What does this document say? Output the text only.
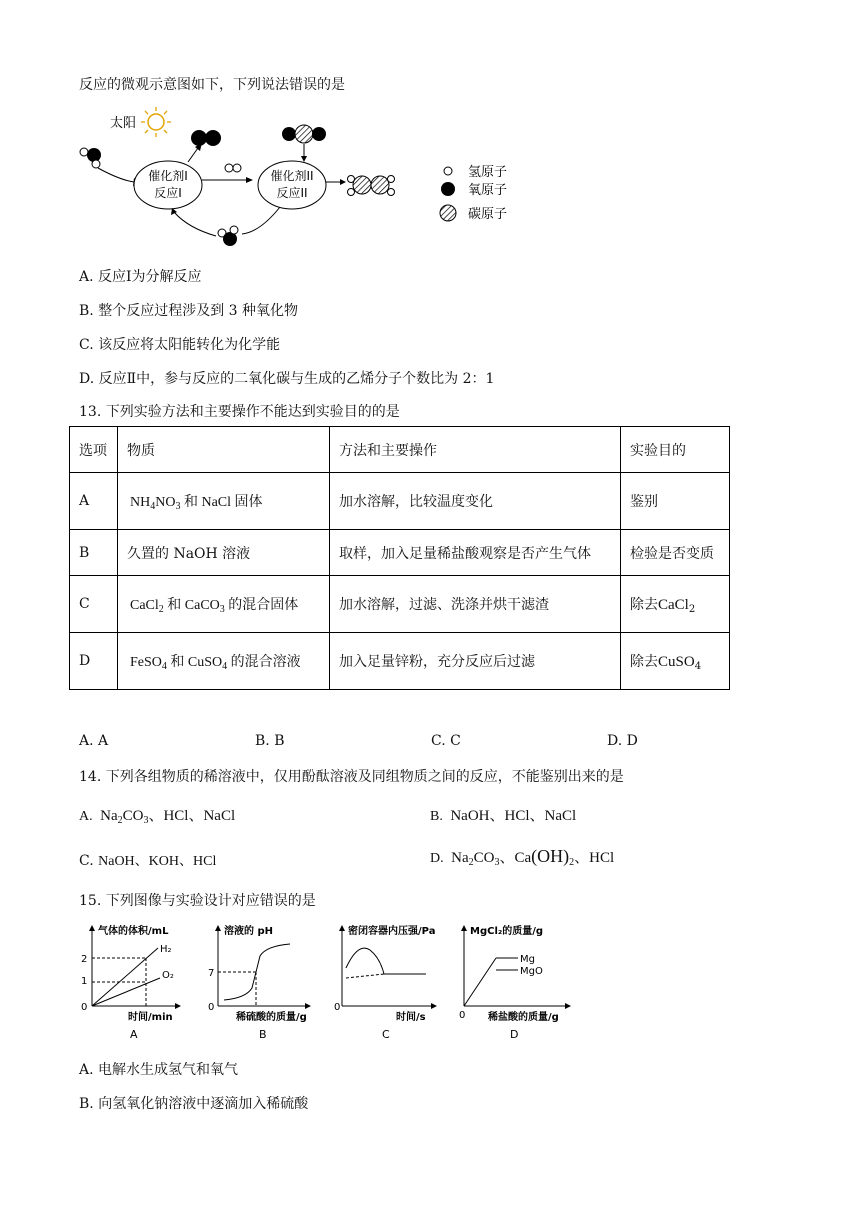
反应的微观示意图如下，下列说法错误的是
太阳
催化剂I
反应I
催化剂II
反应II
氢原子
氧原子
碳原子
A. 反应Ⅰ为分解反应
B. 整个反应过程涉及到 3 种氧化物
C. 该反应将太阳能转化为化学能
D. 反应Ⅱ中，参与反应的二氧化碳与生成的乙烯分子个数比为 2：1
13. 下列实验方法和主要操作不能达到实验目的的是
选项	物质	方法和主要操作	实验目的
A	$NH_4NO_3$ 和 NaCl 固体	加水溶解，比较温度变化	鉴别
B	久置的 NaOH 溶液	取样，加入足量稀盐酸观察是否产生气体	检验是否变质
C	CaCl$_2$ 和 CaCO$_3$ 的混合固体	加水溶解，过滤、洗涤并烘干滤渣	除去CaCl$_2$
D	FeSO$_4$ 和 CuSO$_4$ 的混合溶液	加入足量锌粉，充分反应后过滤	除去CuSO$_4$
A. A	B. B	C. C	D. D
14. 下列各组物质的稀溶液中，仅用酚酞溶液及同组物质之间的反应，不能鉴别出来的是
A. $Na_2CO_3$、HCl、NaCl	B. NaOH、HCl、NaCl
C. NaOH、KOH、HCl	D. $Na_2CO_3$、$Ca(OH)_2$、HCl
15. 下列图像与实验设计对应错误的是
气体的体积/mL
2
1
0
H₂
O₂
时间/min
A
溶液的 pH
7
0
稀硫酸的质量/g
B
密闭容器内压强/Pa
0
时间/s
C
MgCl₂的质量/g
0
Mg
MgO
稀盐酸的质量/g
D
A. 电解水生成氢气和氧气
B. 向氢氧化钠溶液中逐滴加入稀硫酸
